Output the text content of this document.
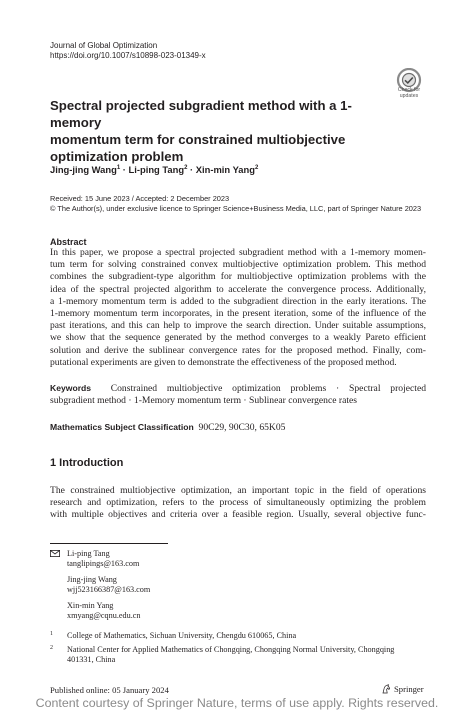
Journal of Global Optimization
https://doi.org/10.1007/s10898-023-01349-x
Check for
updates
Spectral projected subgradient method with a 1-memory
momentum term for constrained multiobjective
optimization problem
Jing-jing Wang$^1$ · Li-ping Tang$^2$ · Xin-min Yang$^2$
Received: 15 June 2023 / Accepted: 2 December 2023
© The Author(s), under exclusive licence to Springer Science+Business Media, LLC, part of Springer Nature 2023
Abstract
In this paper, we propose a spectral projected subgradient method with a 1-memory momen-
tum term for solving constrained convex multiobjective optimization problem. This method
combines the subgradient-type algorithm for multiobjective optimization problems with the
idea of the spectral projected algorithm to accelerate the convergence process. Additionally,
a 1-memory momentum term is added to the subgradient direction in the early iterations. The
1-memory momentum term incorporates, in the present iteration, some of the influence of the
past iterations, and this can help to improve the search direction. Under suitable assumptions,
we show that the sequence generated by the method converges to a weakly Pareto efficient
solution and derive the sublinear convergence rates for the proposed method. Finally, com-
putational experiments are given to demonstrate the effectiveness of the proposed method.
Keywords Constrained multiobjective optimization problems · Spectral projected
subgradient method · 1-Memory momentum term · Sublinear convergence rates
Mathematics Subject Classification 90C29, 90C30, 65K05
1 Introduction
The constrained multiobjective optimization, an important topic in the field of operations
research and optimization, refers to the process of simultaneously optimizing the problem
with multiple objectives and criteria over a feasible region. Usually, several objective func-
Li-ping Tang
tanglipings@163.com
Jing-jing Wang
wjj523166387@163.com
Xin-min Yang
xmyang@cqnu.edu.cn
1 College of Mathematics, Sichuan University, Chengdu 610065, China
2 National Center for Applied Mathematics of Chongqing, Chongqing Normal University, Chongqing
401331, China
Published online: 05 January 2024	Springer
Content courtesy of Springer Nature, terms of use apply. Rights reserved.
